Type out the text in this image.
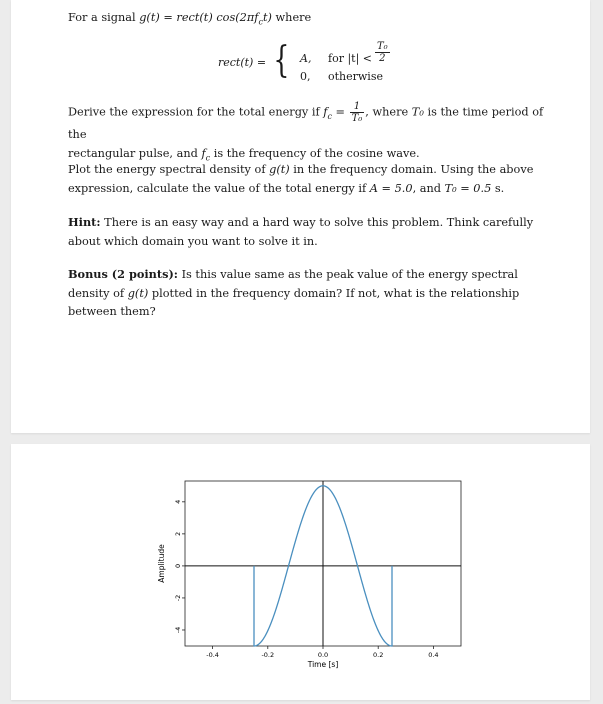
For a signal g(t) = rect(t) $\cos(2\pi f_ct)$ where
rect(t) = { A, for $|t| < \frac{\text{T₀}}{2}$
0, otherwise
Derive the expression for the total energy if $f_c = \frac{1}{\text{T₀}}$ , where T₀ is the time period of the
rectangular pulse, and $f_c$ is the frequency of the cosine wave.
Plot the energy spectral density of g(t) in the frequency domain. Using the above
expression, calculate the value of the total energy if A = 5.0, and T₀ = 0.5 s.
Hint: There is an easy way and a hard way to solve this problem. Think carefully about which domain you want to solve it in.
Bonus (2 points): Is this value same as the peak value of the energy spectral density of g(t) plotted in the frequency domain? If not, what is the relationship between them?
-0.4	-0.2	0.0	0.2	0.4
4
2
0
-2
-4
Time [s]
Amplitude
